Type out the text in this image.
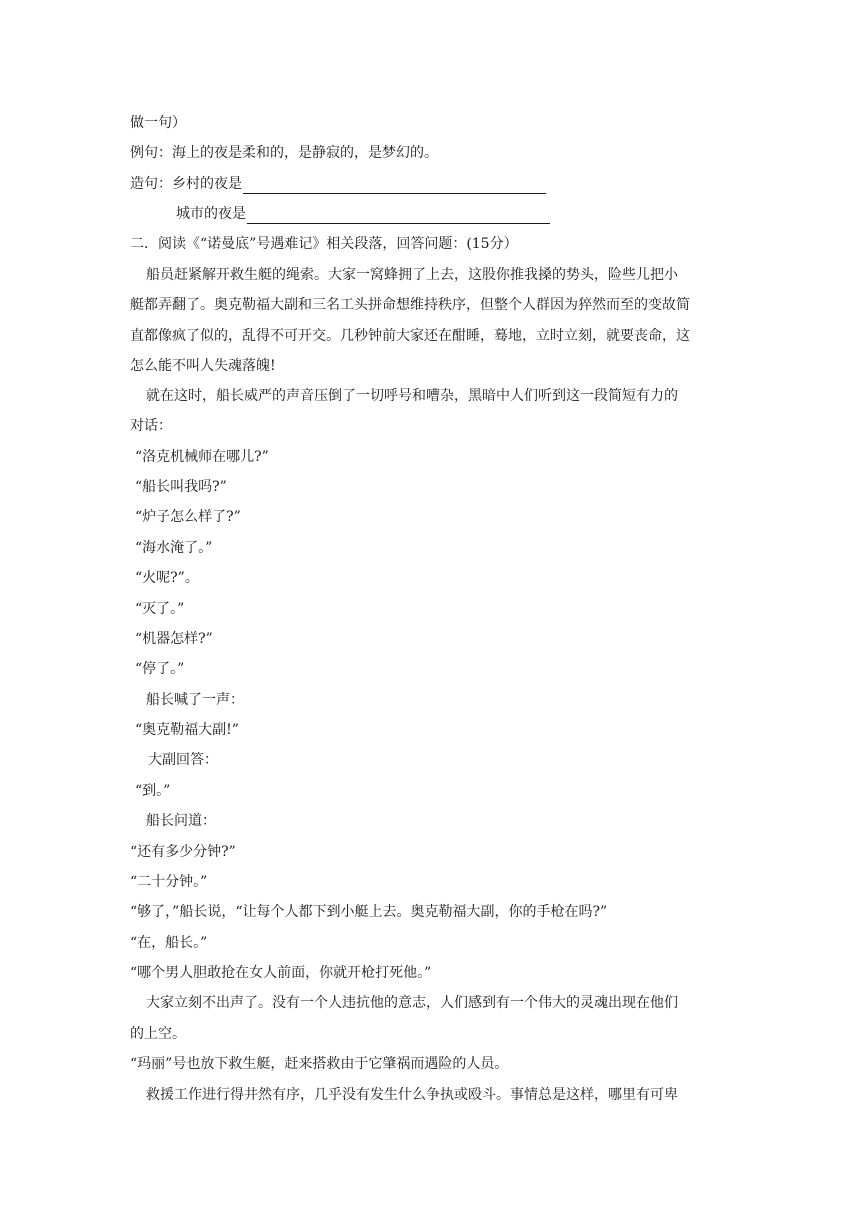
做一句）
例句：海上的夜是柔和的，是静寂的，是梦幻的。
造句：乡村的夜是
城市的夜是
二．阅读《“诺曼底”号遇难记》相关段落，回答问题：(15分）
船员赶紧解开救生艇的绳索。大家一窝蜂拥了上去，这股你推我搡的势头，险些儿把小
艇都弄翻了。奥克勒福大副和三名工头拼命想维持秩序，但整个人群因为猝然而至的变故简
直都像疯了似的，乱得不可开交。几秒钟前大家还在酣睡，蓦地，立时立刻，就要丧命，这
怎么能不叫人失魂落魄!
就在这时，船长威严的声音压倒了一切呼号和嘈杂，黑暗中人们听到这一段简短有力的
对话：
“洛克机械师在哪儿?”
“船长叫我吗?”
“炉子怎么样了?”
“海水淹了。”
“火呢?”。
“灭了。”
“机器怎样?”
“停了。”
船长喊了一声：
“奥克勒福大副!”
大副回答：
“到。”
船长问道：
“还有多少分钟?”
“二十分钟。”
“够了，”船长说，“让每个人都下到小艇上去。奥克勒福大副，你的手枪在吗?”
“在，船长。”
“哪个男人胆敢抢在女人前面，你就开枪打死他。”
大家立刻不出声了。没有一个人违抗他的意志，人们感到有一个伟大的灵魂出现在他们
的上空。
“玛丽”号也放下救生艇，赶来搭救由于它肇祸而遇险的人员。
救援工作进行得井然有序，几乎没有发生什么争执或殴斗。事情总是这样，哪里有可卑
